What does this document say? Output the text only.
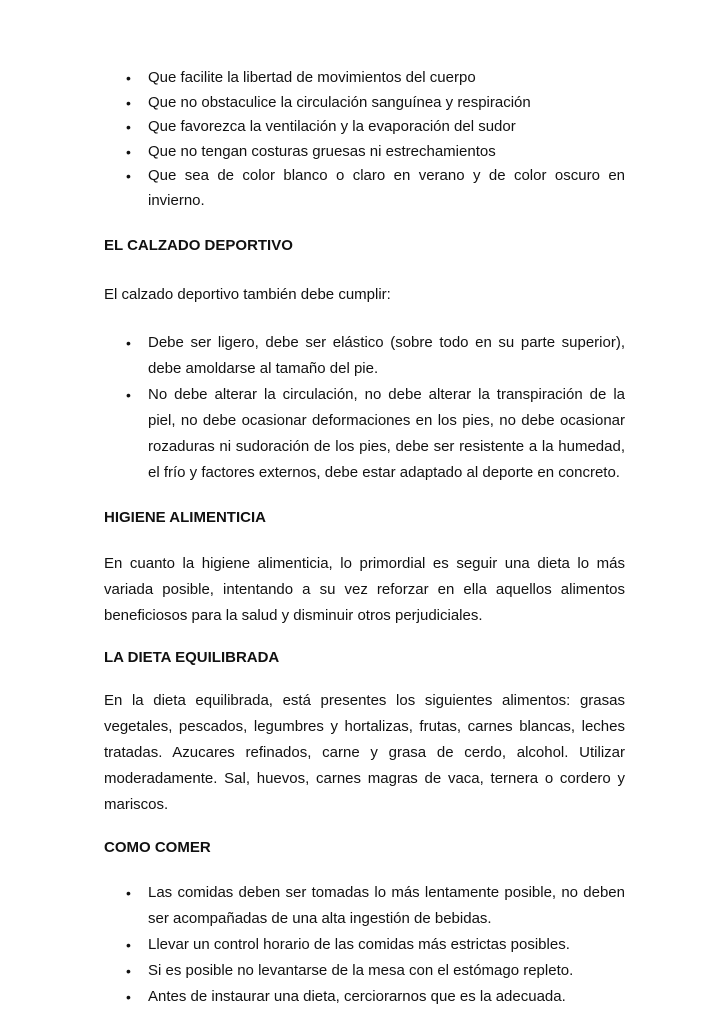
• Que facilite la libertad de movimientos del cuerpo
• Que no obstaculice la circulación sanguínea y respiración
• Que favorezca la ventilación y la evaporación del sudor
• Que no tengan costuras gruesas ni estrechamientos
• Que sea de color blanco o claro en verano y de color oscuro en invierno.

EL CALZADO DEPORTIVO

El calzado deportivo también debe cumplir:

• Debe ser ligero, debe ser elástico (sobre todo en su parte superior), debe amoldarse al tamaño del pie.
• No debe alterar la circulación, no debe alterar la transpiración de la piel, no debe ocasionar deformaciones en los pies, no debe ocasionar rozaduras ni sudoración de los pies, debe ser resistente a la humedad, el frío y factores externos, debe estar adaptado al deporte en concreto.

HIGIENE ALIMENTICIA

En cuanto la higiene alimenticia, lo primordial es seguir una dieta lo más variada posible, intentando a su vez reforzar en ella aquellos alimentos beneficiosos para la salud y disminuir otros perjudiciales.

LA DIETA EQUILIBRADA

En la dieta equilibrada, está presentes los siguientes alimentos: grasas vegetales, pescados, legumbres y hortalizas, frutas, carnes blancas, leches tratadas. Azucares refinados, carne y grasa de cerdo, alcohol. Utilizar moderadamente. Sal, huevos, carnes magras de vaca, ternera o cordero y mariscos.

COMO COMER

• Las comidas deben ser tomadas lo más lentamente posible, no deben ser acompañadas de una alta ingestión de bebidas.
• Llevar un control horario de las comidas más estrictas posibles.
• Si es posible no levantarse de la mesa con el estómago repleto.
• Antes de instaurar una dieta, cerciorarnos que es la adecuada.
